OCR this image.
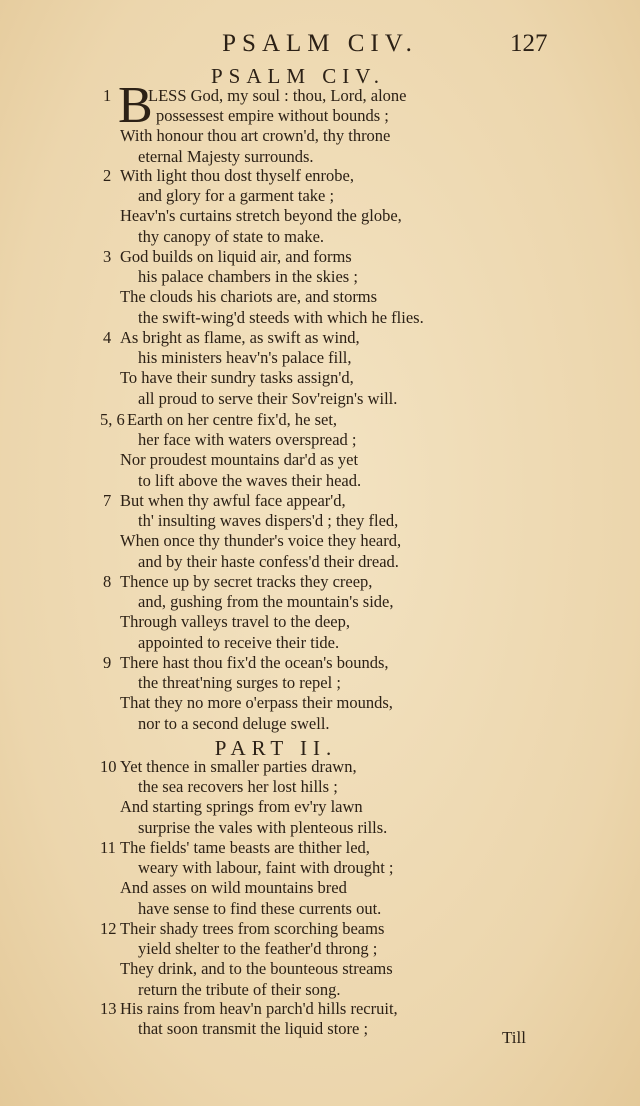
PSALM CIV.	127
PSALM CIV.
B
1 LESS God, my soul : thou, Lord, alone
possessest empire without bounds ;
With honour thou art crown'd, thy throne
eternal Majesty surrounds.
2 With light thou dost thyself enrobe,
and glory for a garment take ;
Heav'n's curtains stretch beyond the globe,
thy canopy of state to make.
3 God builds on liquid air, and forms
his palace chambers in the skies ;
The clouds his chariots are, and storms
the swift-wing'd steeds with which he flies.
4 As bright as flame, as swift as wind,
his ministers heav'n's palace fill,
To have their sundry tasks assign'd,
all proud to serve their Sov'reign's will.
5, 6 Earth on her centre fix'd, he set,
her face with waters overspread ;
Nor proudest mountains dar'd as yet
to lift above the waves their head.
7 But when thy awful face appear'd,
th' insulting waves dispers'd ; they fled,
When once thy thunder's voice they heard,
and by their haste confess'd their dread.
8 Thence up by secret tracks they creep,
and, gushing from the mountain's side,
Through valleys travel to the deep,
appointed to receive their tide.
9 There hast thou fix'd the ocean's bounds,
the threat'ning surges to repel ;
That they no more o'erpass their mounds,
nor to a second deluge swell.
10 Yet thence in smaller parties drawn,
the sea recovers her lost hills ;
And starting springs from ev'ry lawn
surprise the vales with plenteous rills.
11 The fields' tame beasts are thither led,
weary with labour, faint with drought ;
And asses on wild mountains bred
have sense to find these currents out.
12 Their shady trees from scorching beams
yield shelter to the feather'd throng ;
They drink, and to the bounteous streams
return the tribute of their song.
13 His rains from heav'n parch'd hills recruit,
that soon transmit the liquid store ;
PART II.
Till
